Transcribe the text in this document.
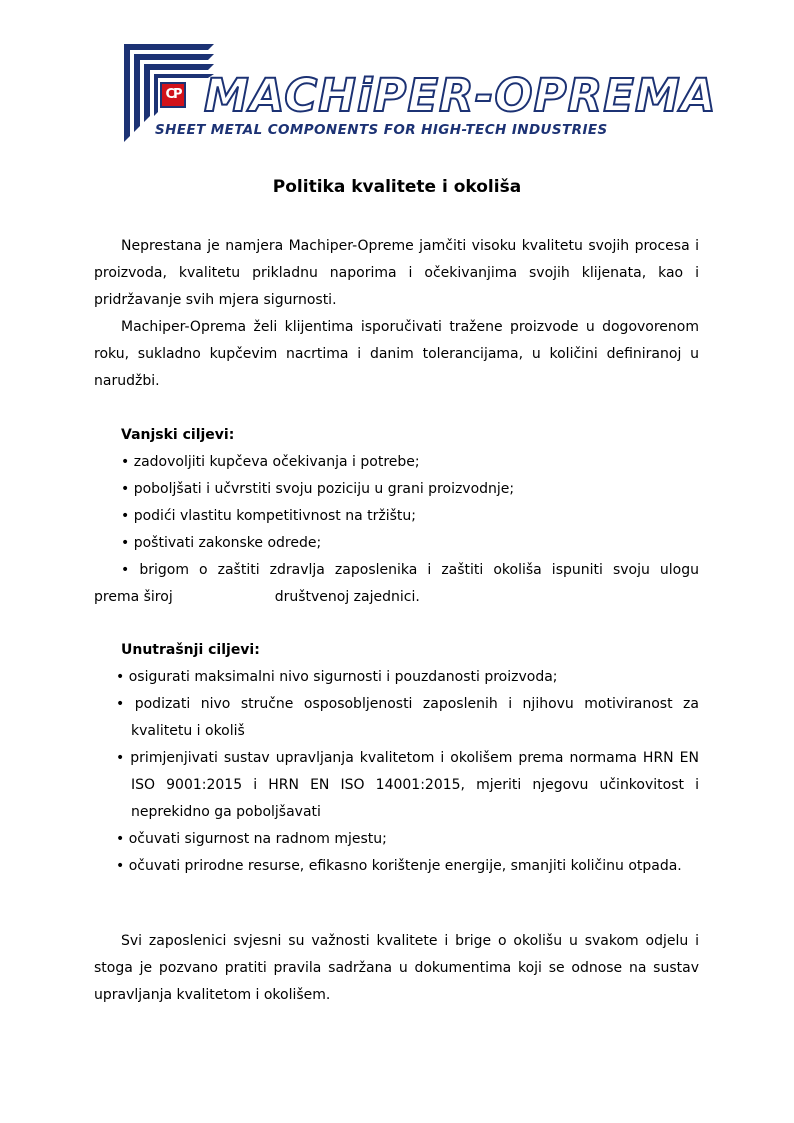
CP MACHiPER-OPREMA
SHEET METAL COMPONENTS FOR HIGH-TECH INDUSTRIES
Politika kvalitete i okoliša

Neprestana je namjera Machiper-Opreme jamčiti visoku kvalitetu svojih procesa i proizvoda, kvalitetu prikladnu naporima i očekivanjima svojih klijenata, kao i pridržavanje svih mjera sigurnosti.

Machiper-Oprema želi klijentima isporučivati tražene proizvode u dogovorenom roku, sukladno kupčevim nacrtima i danim tolerancijama, u količini definiranoj u narudžbi.

Vanjski ciljevi:

• zadovoljiti kupčeva očekivanja i potrebe;

• poboljšati i učvrstiti svoju poziciju u grani proizvodnje;

• podići vlastitu kompetitivnost na tržištu;

• poštivati zakonske odrede;

• brigom o zaštiti zdravlja zaposlenika i zaštiti okoliša ispuniti svoju ulogu

prema široj	društvenoj zajednici.

Unutrašnji ciljevi:

• osigurati maksimalni nivo sigurnosti i pouzdanosti proizvoda;

• podizati nivo stručne osposobljenosti zaposlenih i njihovu motiviranost za kvalitetu i okoliš

• primjenjivati sustav upravljanja kvalitetom i okolišem prema normama HRN EN ISO 9001:2015 i HRN EN ISO 14001:2015, mjeriti njegovu učinkovitost i neprekidno ga poboljšavati

• očuvati sigurnost na radnom mjestu;

• očuvati prirodne resurse, efikasno korištenje energije, smanjiti količinu otpada.

Svi zaposlenici svjesni su važnosti kvalitete i brige o okolišu u svakom odjelu i stoga je pozvano pratiti pravila sadržana u dokumentima koji se odnose na sustav upravljanja kvalitetom i okolišem.
